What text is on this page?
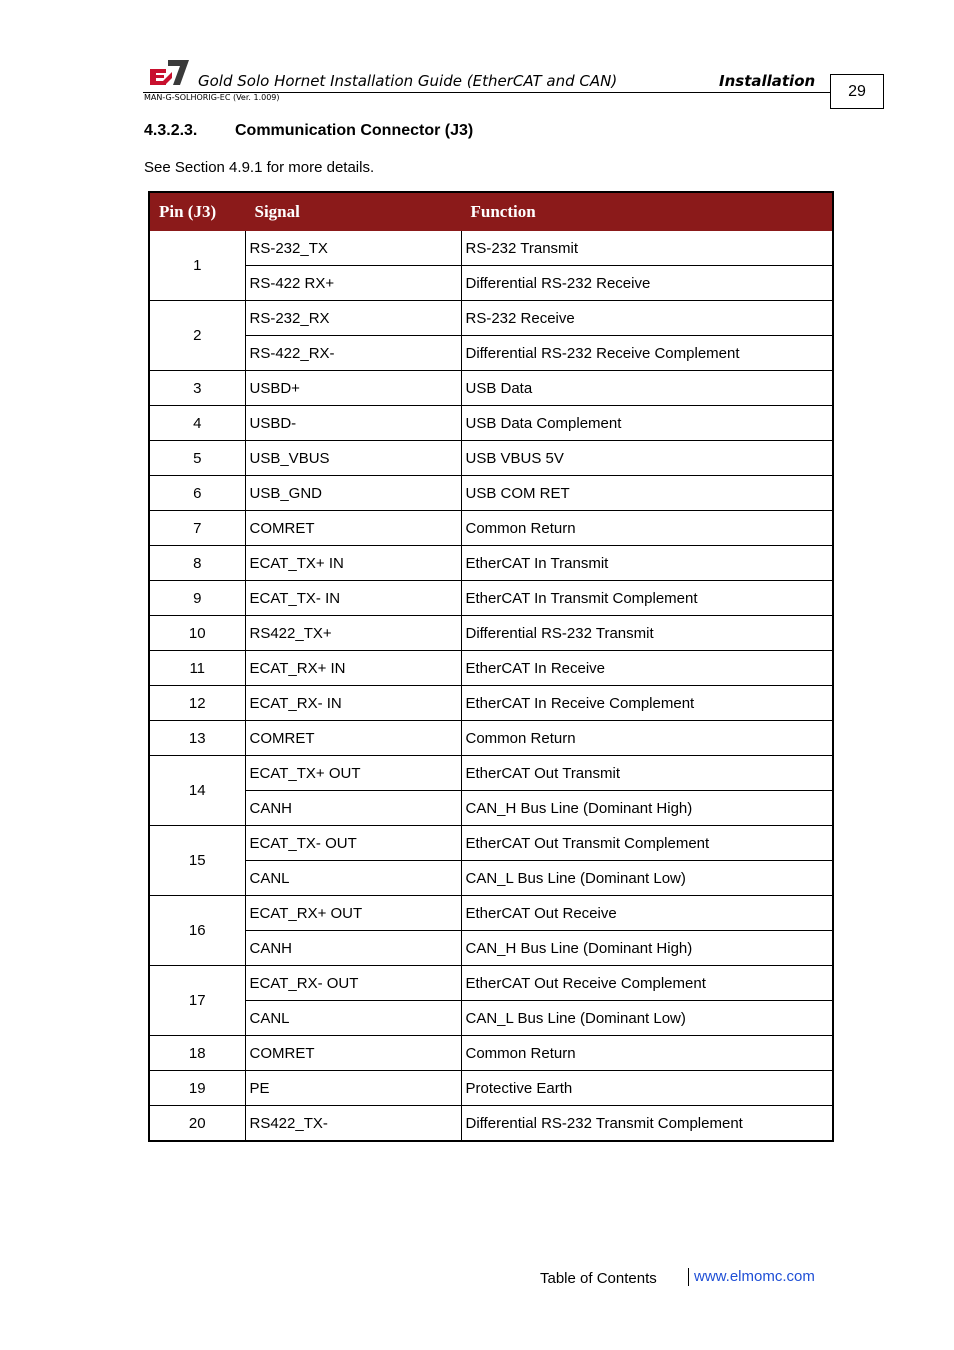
Gold Solo Hornet Installation Guide (EtherCAT and CAN)	Installation
MAN-G-SOLHORIG-EC (Ver. 1.009)	29
4.3.2.3. Communication Connector (J3)
See Section 4.9.1 for more details.
Pin (J3)	Signal	Function
1	RS-232_TX	RS-232 Transmit
	RS-422 RX+	Differential RS-232 Receive
2	RS-232_RX	RS-232 Receive
	RS-422_RX-	Differential RS-232 Receive Complement
3	USBD+	USB Data
4	USBD-	USB Data Complement
5	USB_VBUS	USB VBUS 5V
6	USB_GND	USB COM RET
7	COMRET	Common Return
8	ECAT_TX+ IN	EtherCAT In Transmit
9	ECAT_TX- IN	EtherCAT In Transmit Complement
10	RS422_TX+	Differential RS-232 Transmit
11	ECAT_RX+ IN	EtherCAT In Receive
12	ECAT_RX- IN	EtherCAT In Receive Complement
13	COMRET	Common Return
14	ECAT_TX+ OUT	EtherCAT Out Transmit
	CANH	CAN_H Bus Line (Dominant High)
15	ECAT_TX- OUT	EtherCAT Out Transmit Complement
	CANL	CAN_L Bus Line (Dominant Low)
16	ECAT_RX+ OUT	EtherCAT Out Receive
	CANH	CAN_H Bus Line (Dominant High)
17	ECAT_RX- OUT	EtherCAT Out Receive Complement
	CANL	CAN_L Bus Line (Dominant Low)
18	COMRET	Common Return
19	PE	Protective Earth
20	RS422_TX-	Differential RS-232 Transmit Complement
Table of Contents www.elmomc.com
